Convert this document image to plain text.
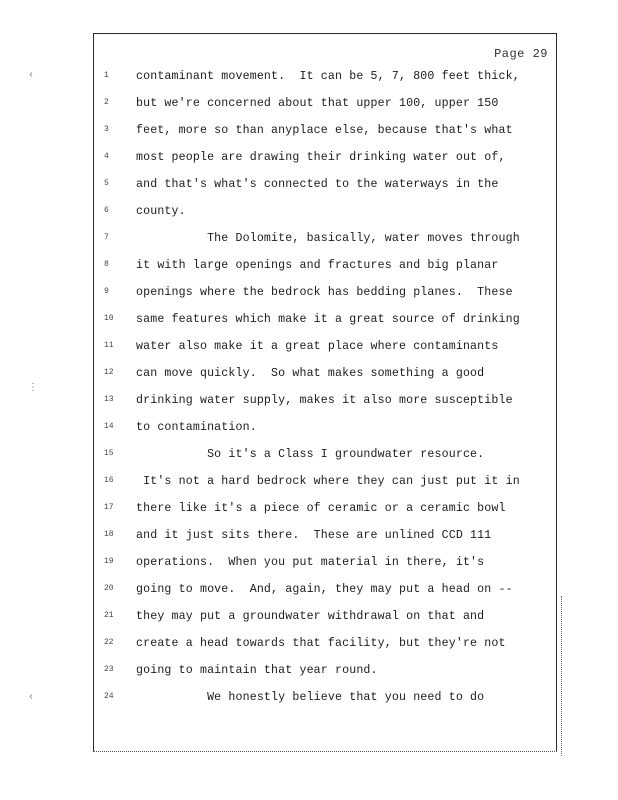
Page 29
1	contaminant movement.  It can be 5, 7, 800 feet thick,
2	but we're concerned about that upper 100, upper 150
3	feet, more so than anyplace else, because that's what
4	most people are drawing their drinking water out of,
5	and that's what's connected to the waterways in the
6	county.
7	The Dolomite, basically, water moves through
8	it with large openings and fractures and big planar
9	openings where the bedrock has bedding planes.  These
10	same features which make it a great source of drinking
11	water also make it a great place where contaminants
12	can move quickly.  So what makes something a good
13	drinking water supply, makes it also more susceptible
14	to contamination.
15	So it's a Class I groundwater resource.
16	It's not a hard bedrock where they can just put it in
17	there like it's a piece of ceramic or a ceramic bowl
18	and it just sits there.  These are unlined CCD 111
19	operations.  When you put material in there, it's
20	going to move.  And, again, they may put a head on --
21	they may put a groundwater withdrawal on that and
22	create a head towards that facility, but they're not
23	going to maintain that year round.
24	We honestly believe that you need to do
‹
⋮
‹
